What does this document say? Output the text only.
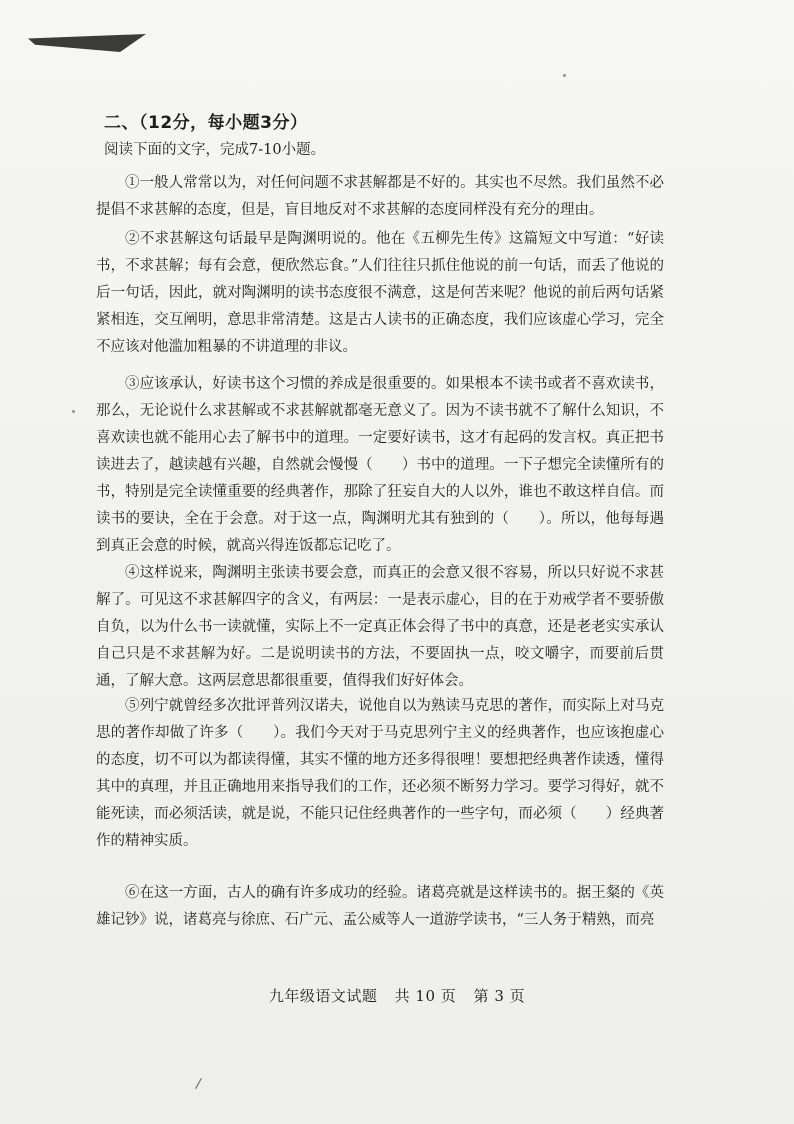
二、（12分，每小题3分）
阅读下面的文字，完成7-10小题。
①一般人常常以为，对任何问题不求甚解都是不好的。其实也不尽然。我们虽然不必提倡不求甚解的态度，但是，盲目地反对不求甚解的态度同样没有充分的理由。
②不求甚解这句话最早是陶渊明说的。他在《五柳先生传》这篇短文中写道：“好读书，不求甚解；每有会意，便欣然忘食。”人们往往只抓住他说的前一句话，而丢了他说的后一句话，因此，就对陶渊明的读书态度很不满意，这是何苦来呢？他说的前后两句话紧紧相连，交互阐明，意思非常清楚。这是古人读书的正确态度，我们应该虚心学习，完全不应该对他滥加粗暴的不讲道理的非议。
③应该承认，好读书这个习惯的养成是很重要的。如果根本不读书或者不喜欢读书，那么，无论说什么求甚解或不求甚解就都毫无意义了。因为不读书就不了解什么知识，不喜欢读也就不能用心去了解书中的道理。一定要好读书，这才有起码的发言权。真正把书读进去了，越读越有兴趣，自然就会慢慢（　　）书中的道理。一下子想完全读懂所有的书，特别是完全读懂重要的经典著作，那除了狂妄自大的人以外，谁也不敢这样自信。而读书的要诀，全在于会意。对于这一点，陶渊明尤其有独到的（　　）。所以，他每每遇到真正会意的时候，就高兴得连饭都忘记吃了。
④这样说来，陶渊明主张读书要会意，而真正的会意又很不容易，所以只好说不求甚解了。可见这不求甚解四字的含义，有两层：一是表示虚心，目的在于劝戒学者不要骄傲自负，以为什么书一读就懂，实际上不一定真正体会得了书中的真意，还是老老实实承认自己只是不求甚解为好。二是说明读书的方法，不要固执一点，咬文嚼字，而要前后贯通，了解大意。这两层意思都很重要，值得我们好好体会。
⑤列宁就曾经多次批评普列汉诺夫，说他自以为熟读马克思的著作，而实际上对马克思的著作却做了许多（　　）。我们今天对于马克思列宁主义的经典著作，也应该抱虚心的态度，切不可以为都读得懂，其实不懂的地方还多得很哩！要想把经典著作读透，懂得其中的真理，并且正确地用来指导我们的工作，还必须不断努力学习。要学习得好，就不能死读，而必须活读，就是说，不能只记住经典著作的一些字句，而必须（　　）经典著作的精神实质。
⑥在这一方面，古人的确有许多成功的经验。诸葛亮就是这样读书的。据王粲的《英雄记钞》说，诸葛亮与徐庶、石广元、孟公威等人一道游学读书，“三人务于精熟，而亮
九年级语文试题 共 10 页 第 3 页
/
